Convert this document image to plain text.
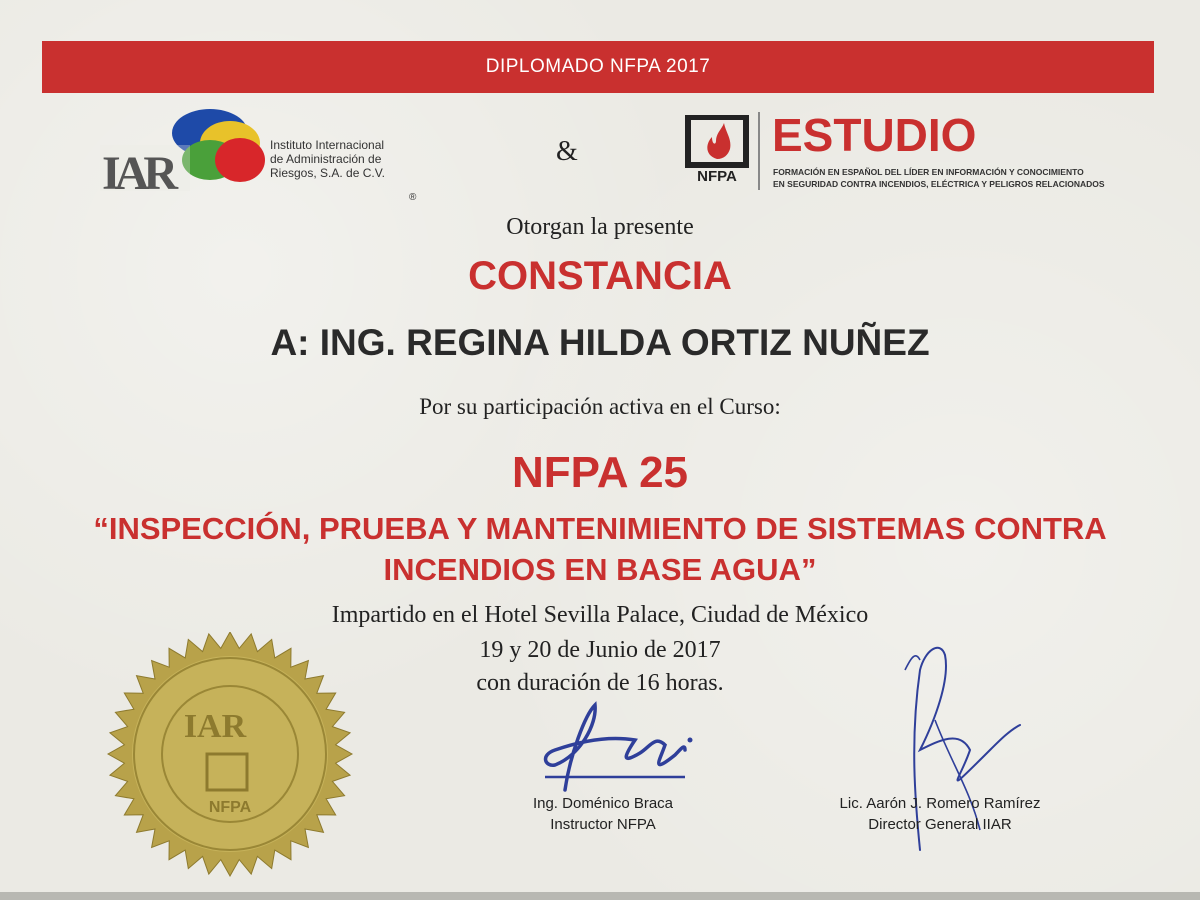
DIPLOMADO NFPA 2017
IAR
Instituto Internacional
de Administración de
Riesgos, S.A. de C.V.
®
&
NFPA
ESTUDIO
FORMACIÓN EN ESPAÑOL DEL LÍDER EN INFORMACIÓN Y CONOCIMIENTO
EN SEGURIDAD CONTRA INCENDIOS, ELÉCTRICA Y PELIGROS RELACIONADOS
Otorgan la presente
CONSTANCIA
A: ING. REGINA HILDA ORTIZ NUÑEZ
Por su participación activa en el Curso:
NFPA 25
“INSPECCIÓN, PRUEBA Y MANTENIMIENTO DE SISTEMAS CONTRA
INCENDIOS EN BASE AGUA”
Impartido en el Hotel Sevilla Palace, Ciudad de México
19 y 20 de Junio de 2017
con duración de 16 horas.
IAR
NFPA	Ing. Doménico Braca
Instructor NFPA
Lic. Aarón J. Romero Ramírez
Director General IIAR
